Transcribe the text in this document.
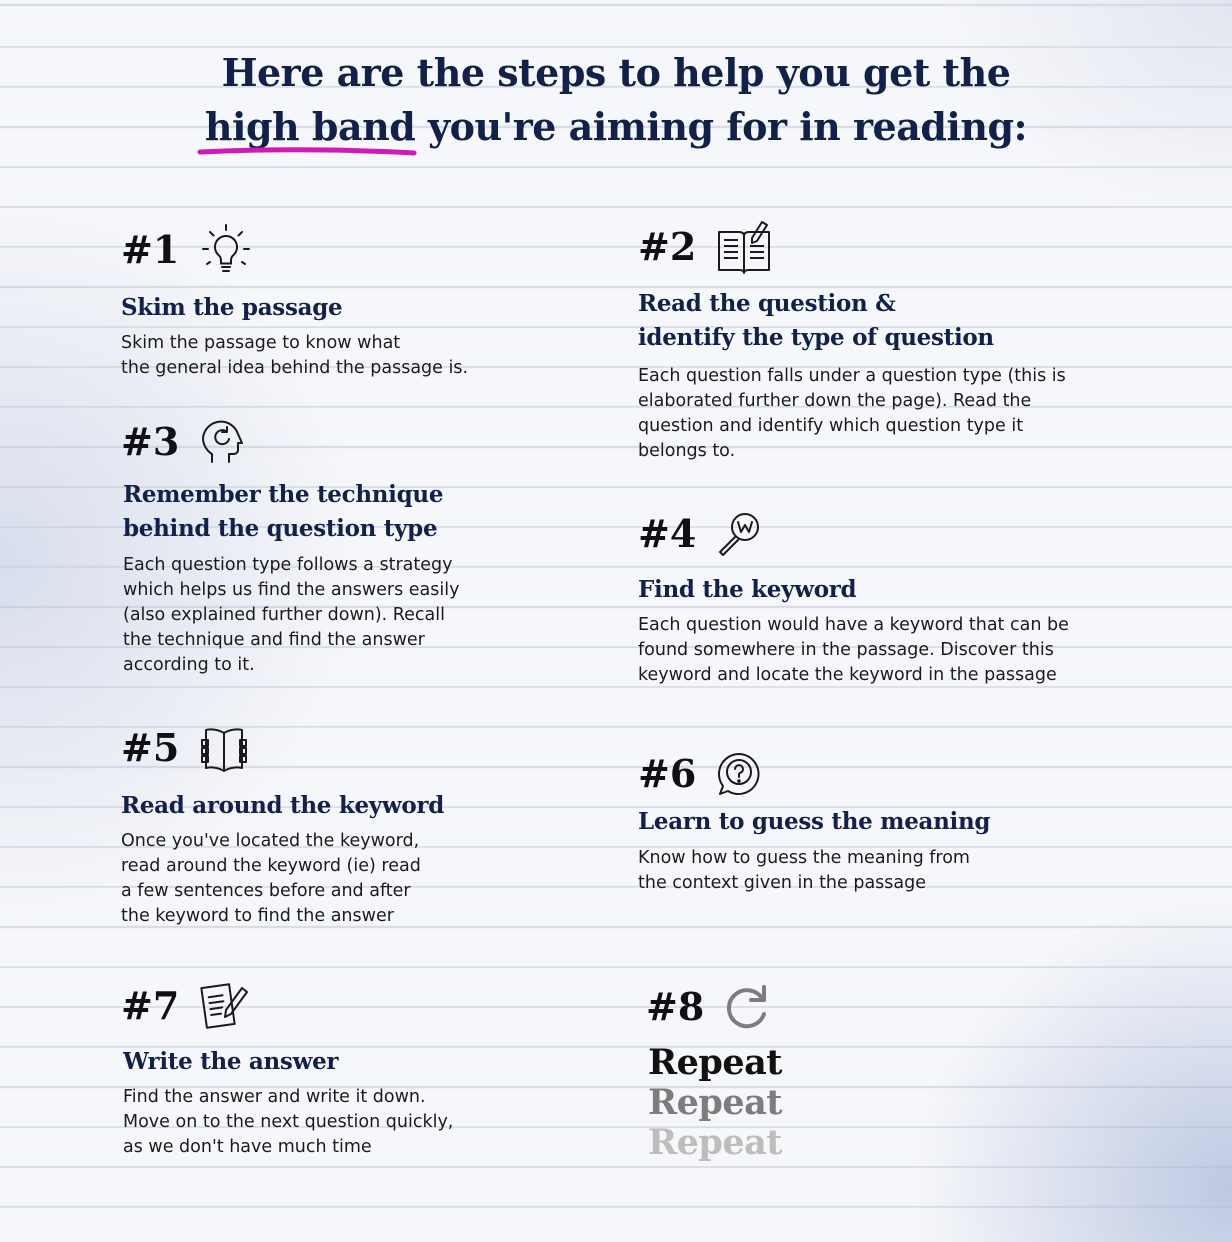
Here are the steps to help you get the
high band
you're aiming for in reading:
#1
Skim the passage

Skim the passage to know what
the general idea behind the passage is.

#2
Read the question &
identify the type of question

Each question falls under a question type (this is
elaborated further down the page). Read the
question and identify which question type it
belongs to.

#3
Remember the technique
behind the question type

Each question type follows a strategy
which helps us find the answers easily
(also explained further down). Recall
the technique and find the answer
according to it.

#4
Find the keyword

Each question would have a keyword that can be
found somewhere in the passage. Discover this
keyword and locate the keyword in the passage

#5
Read around the keyword

Once you've located the keyword,
read around the keyword (ie) read
a few sentences before and after
the keyword to find the answer

#6
Learn to guess the meaning

Know how to guess the meaning from
the context given in the passage

#7
Write the answer

Find the answer and write it down.
Move on to the next question quickly,
as we don't have much time

#8

Repeat

Repeat

Repeat
